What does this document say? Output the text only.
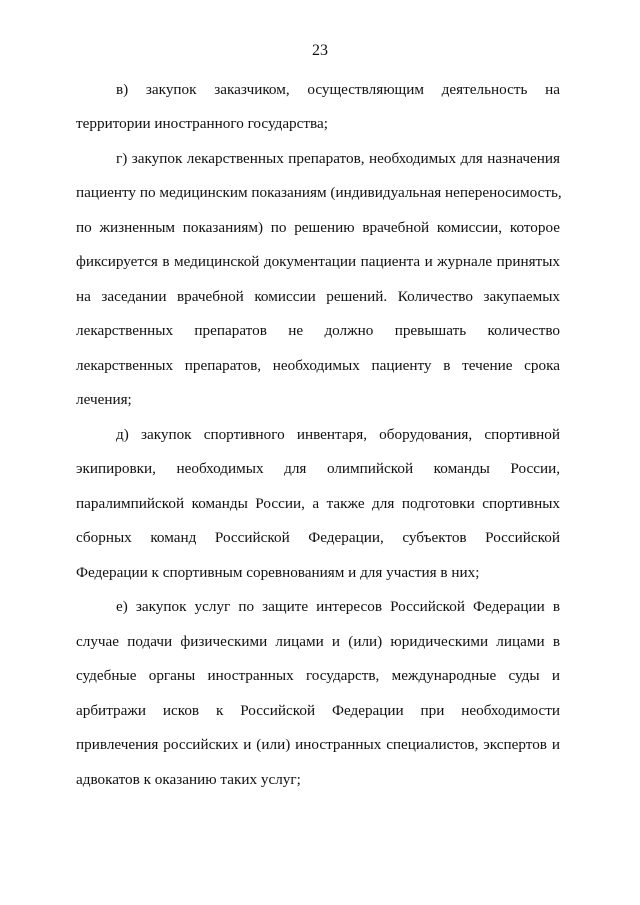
23
в) закупок заказчиком, осуществляющим деятельность на
территории иностранного государства;
г) закупок лекарственных препаратов, необходимых для назначения
пациенту по медицинским показаниям (индивидуальная непереносимость,
по жизненным показаниям) по решению врачебной комиссии, которое
фиксируется в медицинской документации пациента и журнале принятых
на заседании врачебной комиссии решений. Количество закупаемых
лекарственных препаратов не должно превышать количество
лекарственных препаратов, необходимых пациенту в течение срока
лечения;
д) закупок спортивного инвентаря, оборудования, спортивной
экипировки, необходимых для олимпийской команды России,
паралимпийской команды России, а также для подготовки спортивных
сборных команд Российской Федерации, субъектов Российской
Федерации к спортивным соревнованиям и для участия в них;
е) закупок услуг по защите интересов Российской Федерации в
случае подачи физическими лицами и (или) юридическими лицами в
судебные органы иностранных государств, международные суды и
арбитражи исков к Российской Федерации при необходимости
привлечения российских и (или) иностранных специалистов, экспертов и
адвокатов к оказанию таких услуг;
